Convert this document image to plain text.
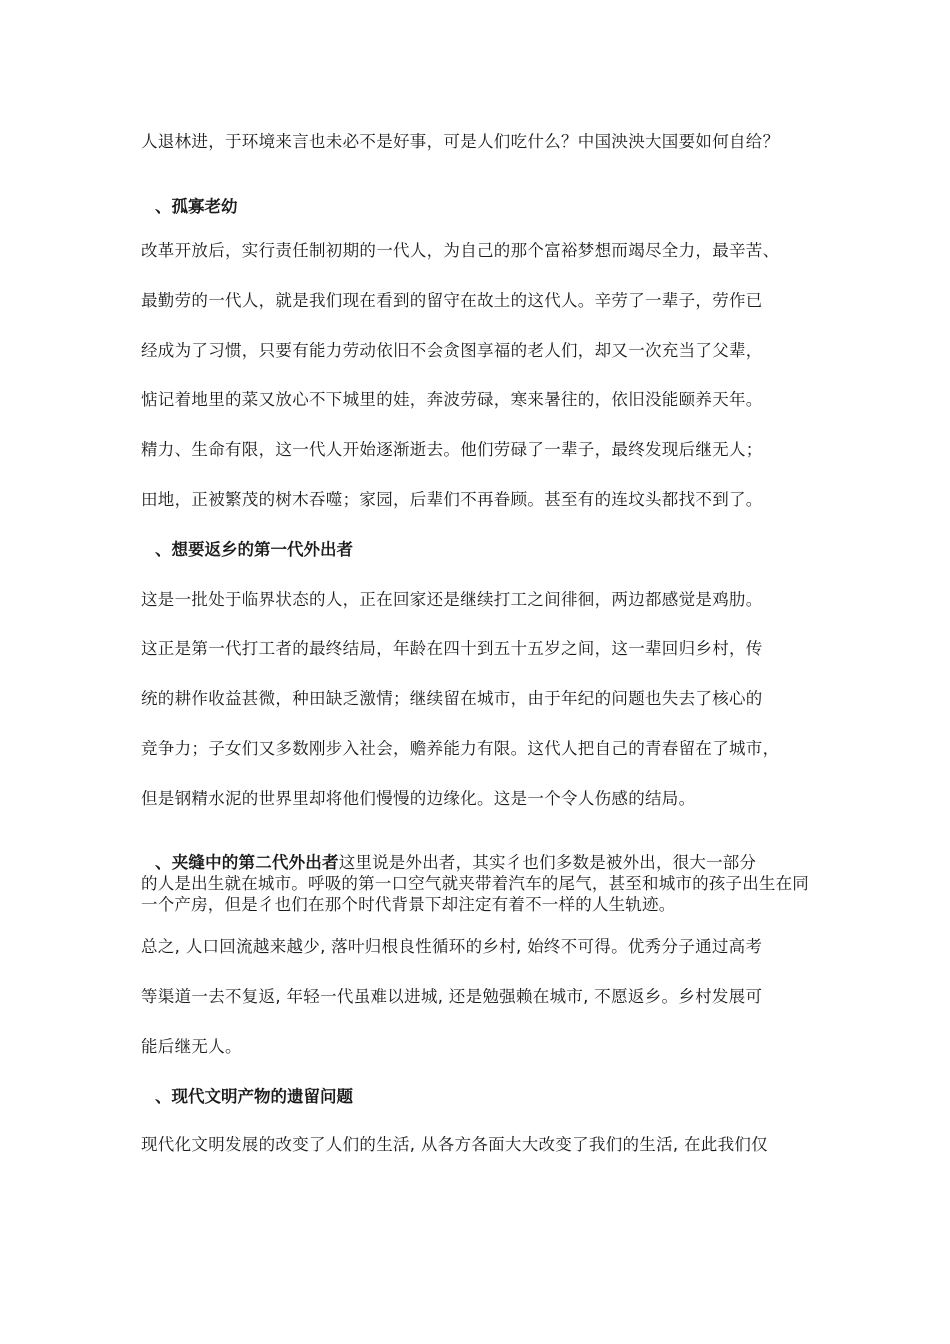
人退林进，于环境来言也未必不是好事，可是人们吃什么？中国泱泱大国要如何自给？
、孤寡老幼
改革开放后，实行责任制初期的一代人，为自己的那个富裕梦想而竭尽全力，最辛苦、
最勤劳的一代人，就是我们现在看到的留守在故土的这代人。辛劳了一辈子，劳作已
经成为了习惯，只要有能力劳动依旧不会贪图享福的老人们，却又一次充当了父辈，
惦记着地里的菜又放心不下城里的娃，奔波劳碌，寒来暑往的，依旧没能颐养天年。
精力、生命有限，这一代人开始逐渐逝去。他们劳碌了一辈子，最终发现后继无人；
田地，正被繁茂的树木吞噬；家园，后辈们不再眷顾。甚至有的连坟头都找不到了。
、想要返乡的第一代外出者
这是一批处于临界状态的人，正在回家还是继续打工之间徘徊，两边都感觉是鸡肋。
这正是第一代打工者的最终结局，年龄在四十到五十五岁之间，这一辈回归乡村，传
统的耕作收益甚微，种田缺乏激情；继续留在城市，由于年纪的问题也失去了核心的
竞争力；子女们又多数刚步入社会，赡养能力有限。这代人把自己的青春留在了城市，
但是钢精水泥的世界里却将他们慢慢的边缘化。这是一个令人伤感的结局。
、夹缝中的第二代外出者这里说是外出者，其实彳也们多数是被外出，很大一部分
的人是出生就在城市。呼吸的第一口空气就夹带着汽车的尾气，甚至和城市的孩子出生在同一个产房，但是彳也们在那个时代背景下却注定有着不一样的人生轨迹。
总之, 人口回流越来越少, 落叶归根良性循环的乡村, 始终不可得。优秀分子通过高考
等渠道一去不复返, 年轻一代虽难以进城, 还是勉强赖在城市, 不愿返乡。乡村发展可
能后继无人。
、现代文明产物的遗留问题
现代化文明发展的改变了人们的生活, 从各方各面大大改变了我们的生活, 在此我们仅
